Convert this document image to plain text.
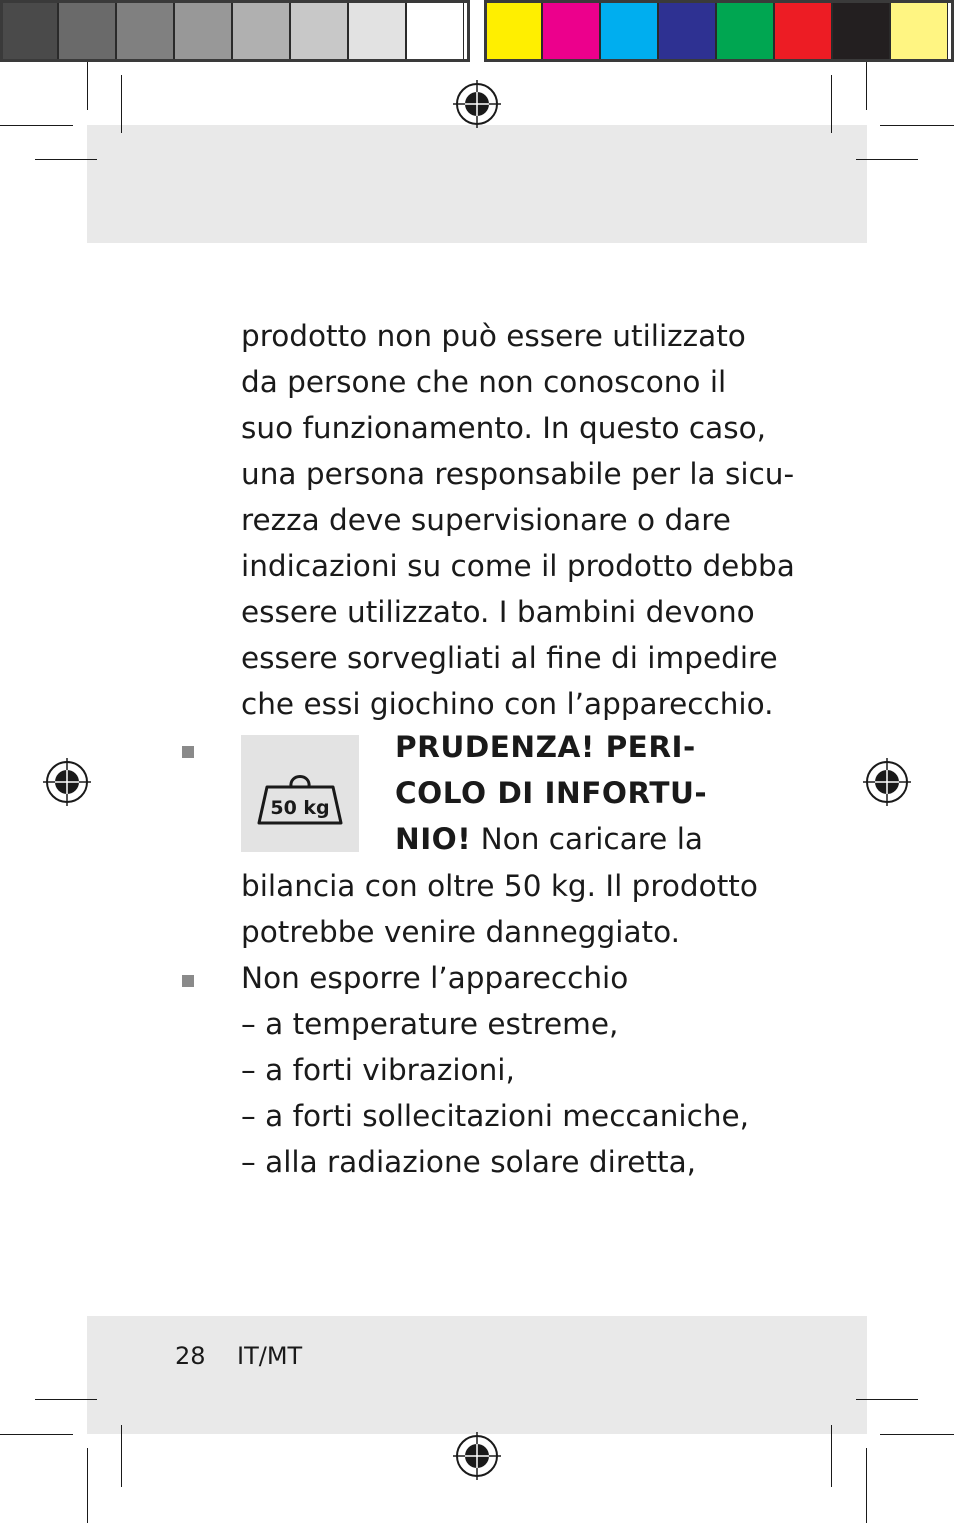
prodotto non può essere utilizzato
da persone che non conoscono il
suo funzionamento. In questo caso,
una persona responsabile per la sicu-
rezza deve supervisionare o dare
indicazioni su come il prodotto debba
essere utilizzato. I bambini devono
essere sorvegliati al fine di impedire
che essi giochino con l’apparecchio.
50 kg
PRUDENZA! PERI-
COLO DI INFORTU-
NIO! Non caricare la
bilancia con oltre 50 kg. Il prodotto
potrebbe venire danneggiato.
Non esporre l’apparecchio
– a temperature estreme,
– a forti vibrazioni,
– a forti sollecitazioni meccaniche,
– alla radiazione solare diretta,
28 IT/MT
